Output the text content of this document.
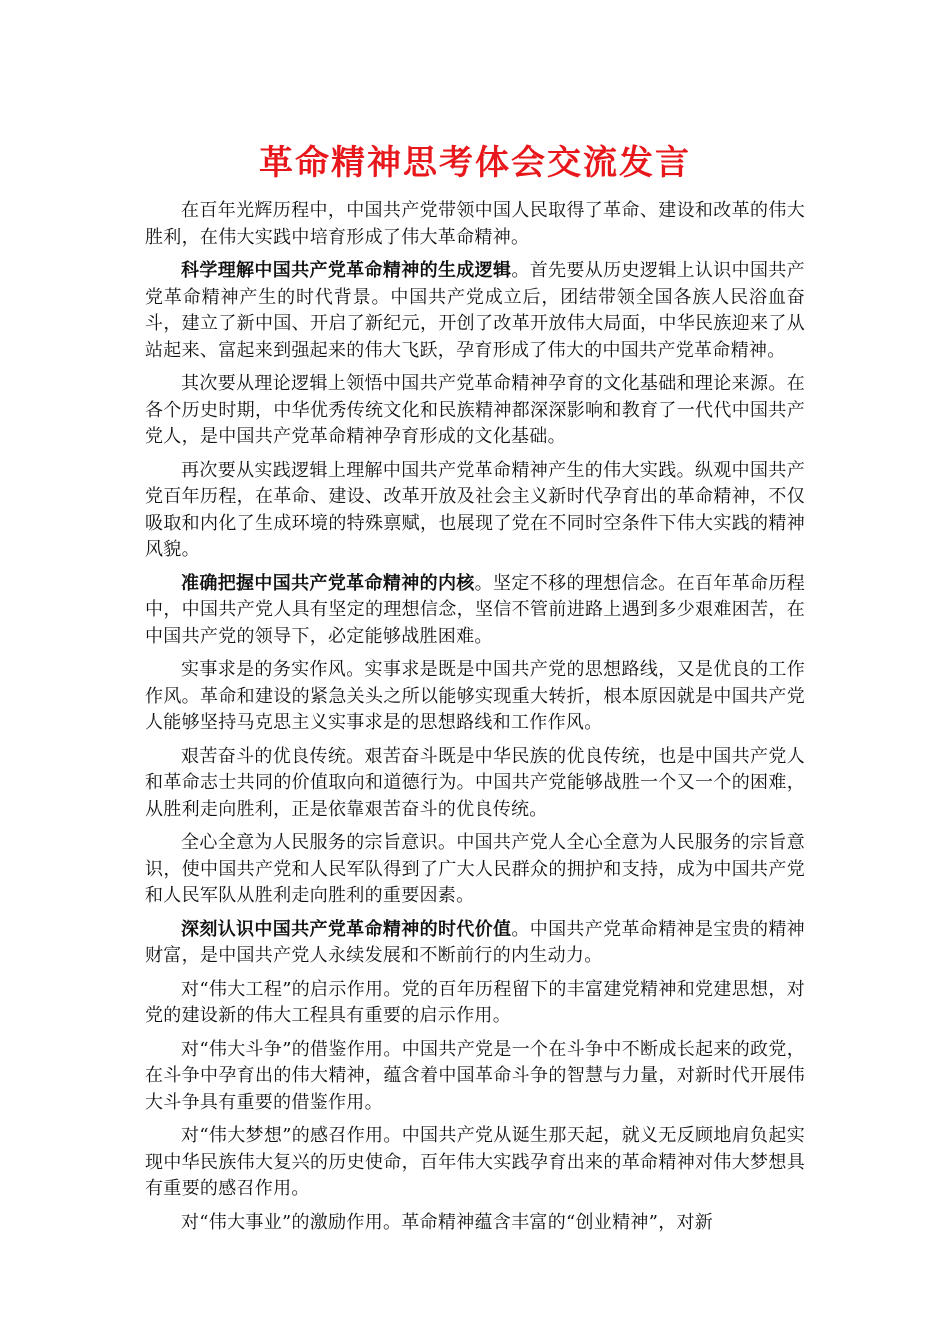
革命精神思考体会交流发言

在百年光辉历程中，中国共产党带领中国人民取得了革命、建设和改革的伟大胜利，在伟大实践中培育形成了伟大革命精神。

科学理解中国共产党革命精神的生成逻辑。首先要从历史逻辑上认识中国共产党革命精神产生的时代背景。中国共产党成立后，团结带领全国各族人民浴血奋斗，建立了新中国、开启了新纪元，开创了改革开放伟大局面，中华民族迎来了从站起来、富起来到强起来的伟大飞跃，孕育形成了伟大的中国共产党革命精神。

其次要从理论逻辑上领悟中国共产党革命精神孕育的文化基础和理论来源。在各个历史时期，中华优秀传统文化和民族精神都深深影响和教育了一代代中国共产党人，是中国共产党革命精神孕育形成的文化基础。

再次要从实践逻辑上理解中国共产党革命精神产生的伟大实践。纵观中国共产党百年历程，在革命、建设、改革开放及社会主义新时代孕育出的革命精神，不仅吸取和内化了生成环境的特殊禀赋，也展现了党在不同时空条件下伟大实践的精神风貌。

准确把握中国共产党革命精神的内核。坚定不移的理想信念。在百年革命历程中，中国共产党人具有坚定的理想信念，坚信不管前进路上遇到多少艰难困苦，在中国共产党的领导下，必定能够战胜困难。

实事求是的务实作风。实事求是既是中国共产党的思想路线，又是优良的工作作风。革命和建设的紧急关头之所以能够实现重大转折，根本原因就是中国共产党人能够坚持马克思主义实事求是的思想路线和工作作风。

艰苦奋斗的优良传统。艰苦奋斗既是中华民族的优良传统，也是中国共产党人和革命志士共同的价值取向和道德行为。中国共产党能够战胜一个又一个的困难，从胜利走向胜利，正是依靠艰苦奋斗的优良传统。

全心全意为人民服务的宗旨意识。中国共产党人全心全意为人民服务的宗旨意识，使中国共产党和人民军队得到了广大人民群众的拥护和支持，成为中国共产党和人民军队从胜利走向胜利的重要因素。

深刻认识中国共产党革命精神的时代价值。中国共产党革命精神是宝贵的精神财富，是中国共产党人永续发展和不断前行的内生动力。

对“伟大工程”的启示作用。党的百年历程留下的丰富建党精神和党建思想，对党的建设新的伟大工程具有重要的启示作用。

对“伟大斗争”的借鉴作用。中国共产党是一个在斗争中不断成长起来的政党，在斗争中孕育出的伟大精神，蕴含着中国革命斗争的智慧与力量，对新时代开展伟大斗争具有重要的借鉴作用。

对“伟大梦想”的感召作用。中国共产党从诞生那天起，就义无反顾地肩负起实现中华民族伟大复兴的历史使命，百年伟大实践孕育出来的革命精神对伟大梦想具有重要的感召作用。

对“伟大事业”的激励作用。革命精神蕴含丰富的“创业精神”，对新
